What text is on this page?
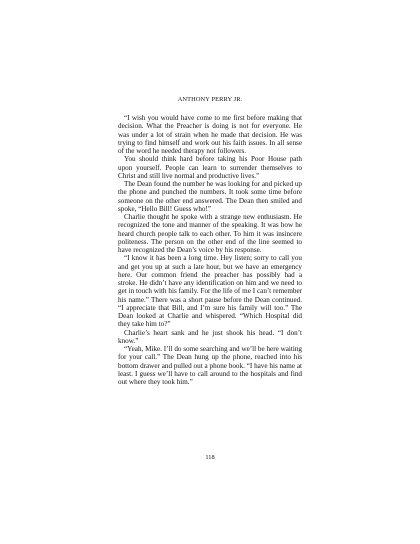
ANTHONY PERRY JR.

“I wish you would have come to me first before making that decision. What the Preacher is doing is not for everyone. He was under a lot of strain when he made that decision. He was trying to find himself and work out his faith issues. In all sense of the word he needed therapy not followers.

You should think hard before taking his Poor House path upon yourself. People can learn to surrender themselves to Christ and still live normal and productive lives.”

The Dean found the number he was looking for and picked up the phone and punched the numbers. It took some time before someone on the other end answered. The Dean then smiled and spoke, “Hello Bill! Guess who!”

Charlie thought he spoke with a strange new enthusiasm. He recognized the tone and manner of the speaking. It was how he heard church people talk to each other. To him it was insincere politeness. The person on the other end of the line seemed to have recognized the Dean’s voice by his response.

“I know it has been a long time. Hey listen; sorry to call you and get you up at such a late hour, but we have an emergency here. Our common friend the preacher has possibly had a stroke. He didn’t have any identification on him and we need to get in touch with his family. For the life of me I can’t remember his name.” There was a short pause before the Dean continued. “I appreciate that Bill, and I’m sure his family will too.” The Dean looked at Charlie and whispered. “Which Hospital did they take him to?”

Charlie’s heart sank and he just shook his head. “I don’t know.”

“Yeah, Mike. I’ll do some searching and we’ll be here waiting for your call.” The Dean hung up the phone, reached into his bottom drawer and pulled out a phone book. “I have his name at least. I guess we’ll have to call around to the hospitals and find out where they took him.”

118
